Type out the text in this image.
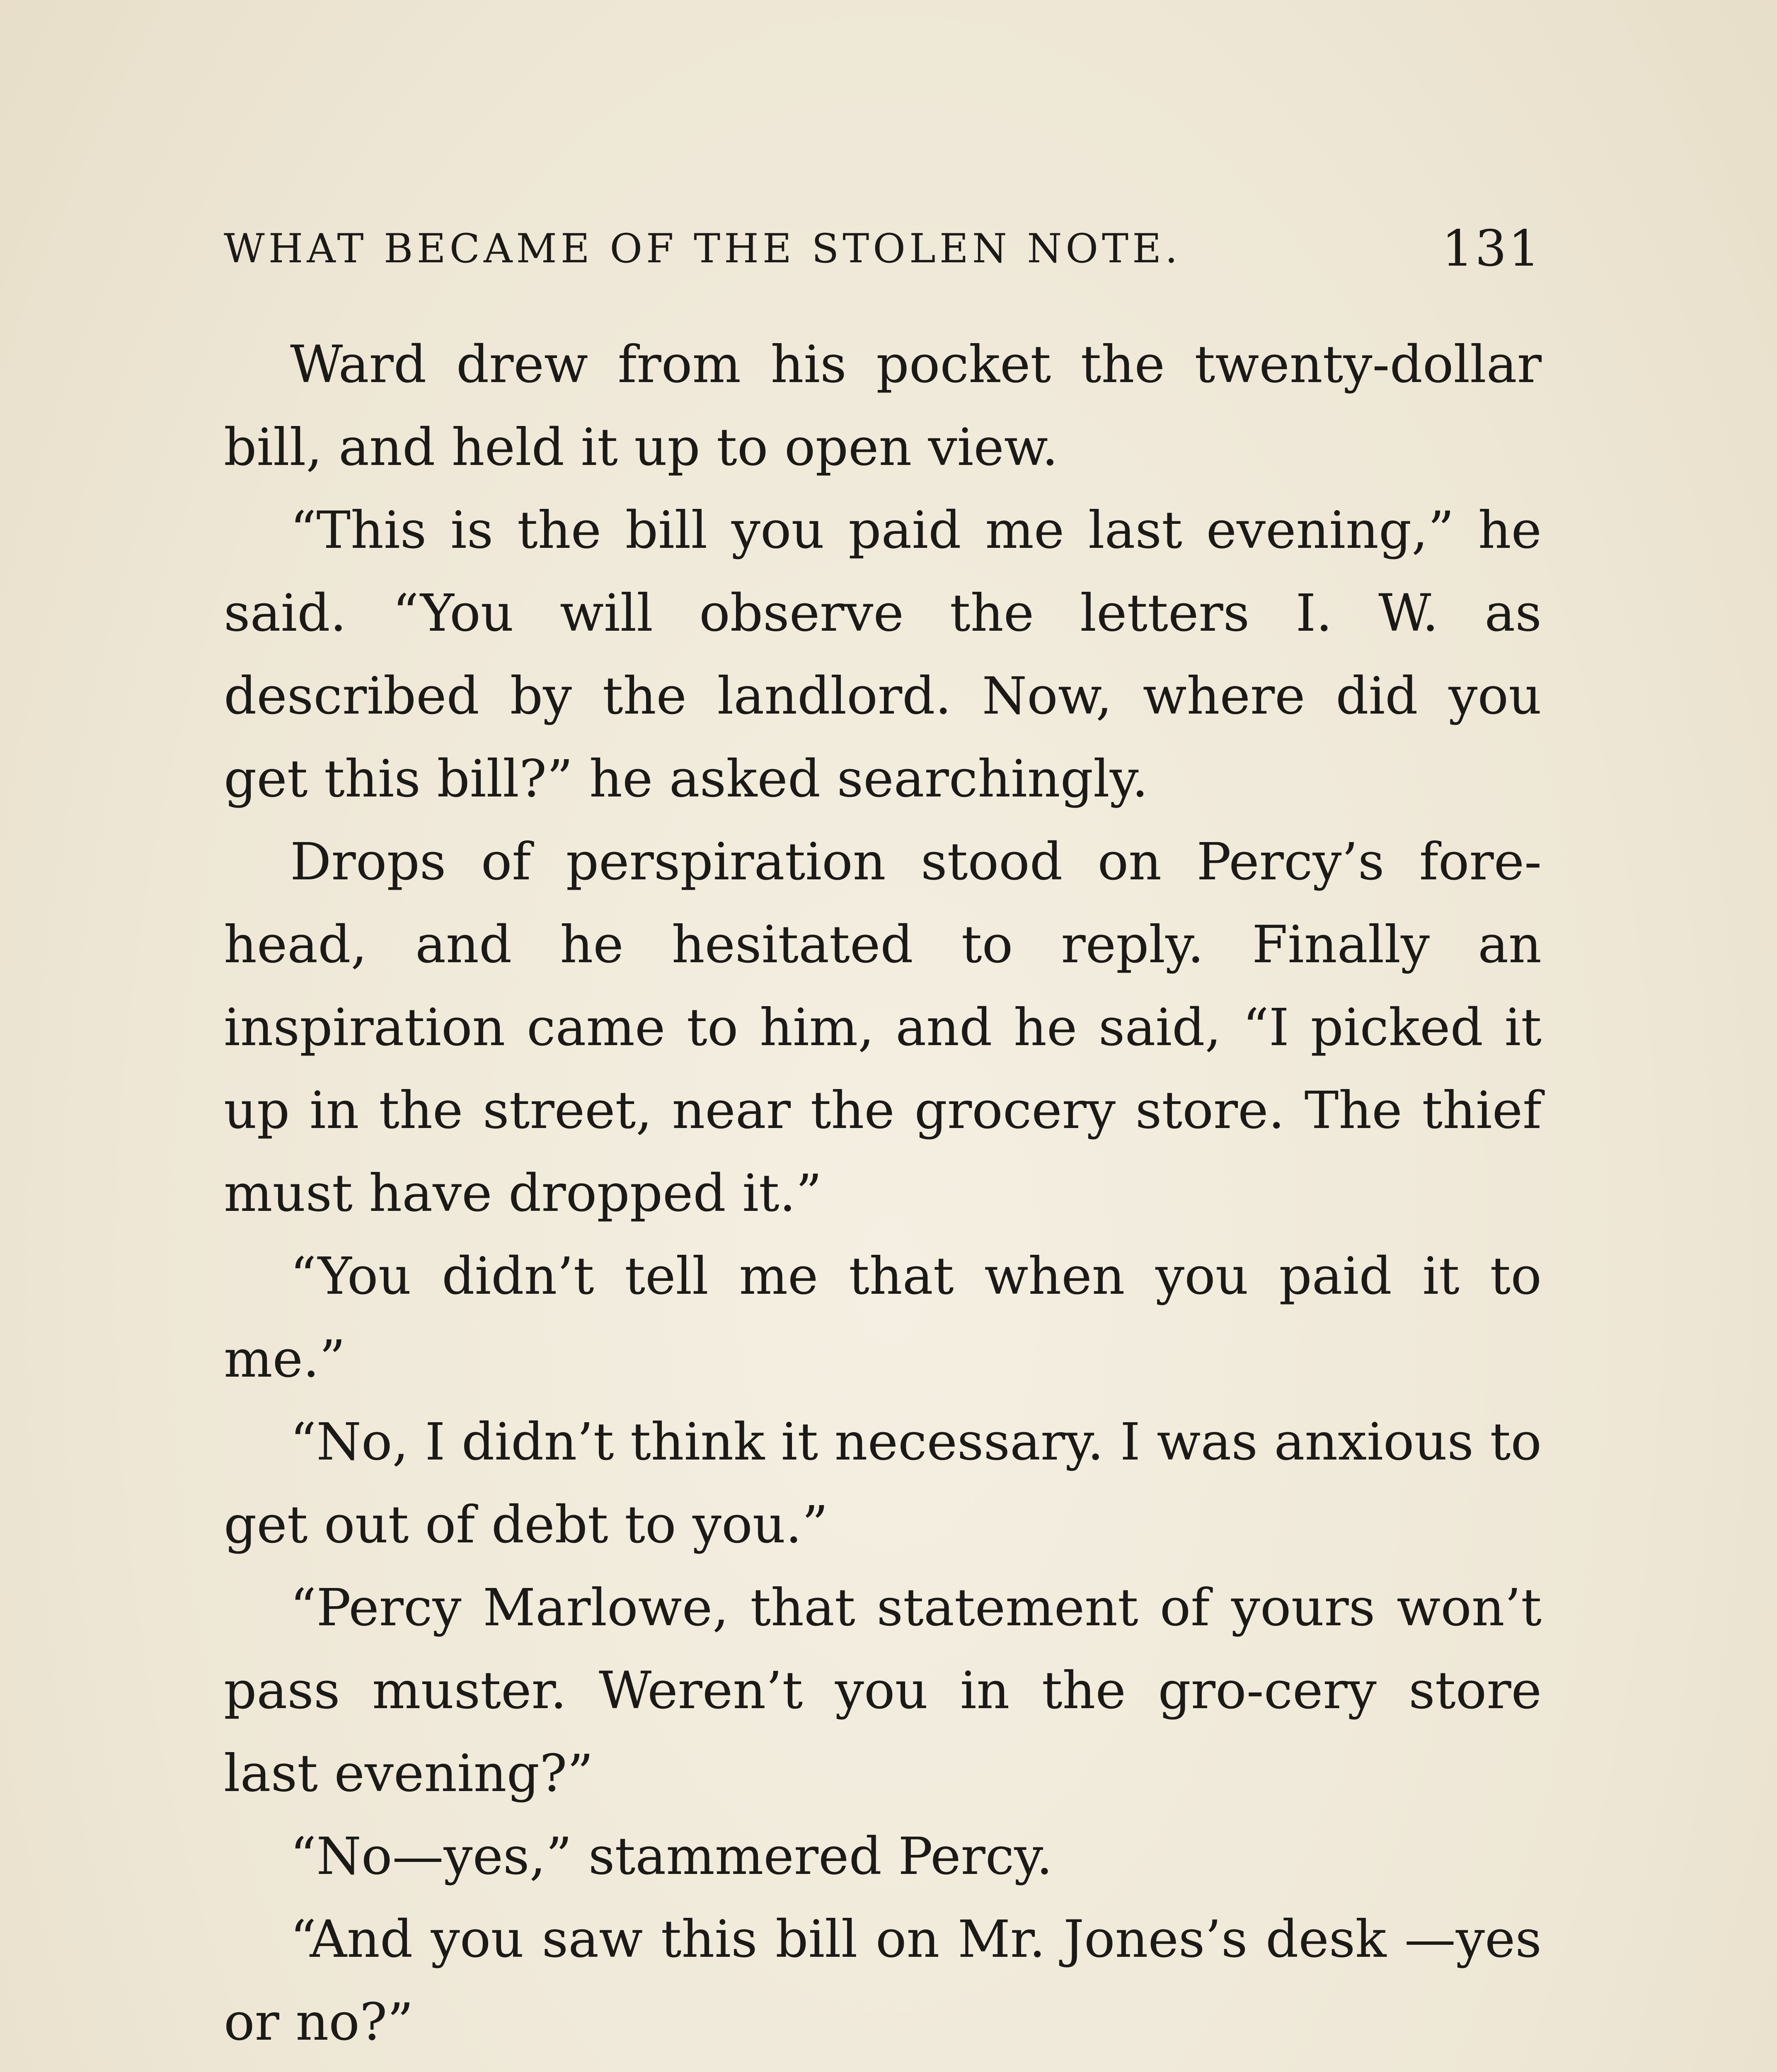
WHAT BECAME OF THE STOLEN NOTE.	131

Ward drew from his pocket the twenty-dollar bill, and held it up to open view.

“This is the bill you paid me last evening,” he said. “You will observe the letters I. W. as described by the landlord. Now, where did you get this bill?” he asked searchingly.

Drops of perspiration stood on Percy’s fore-head, and he hesitated to reply. Finally an inspiration came to him, and he said, “I picked it up in the street, near the grocery store. The thief must have dropped it.”

“You didn’t tell me that when you paid it to me.”

“No, I didn’t think it necessary. I was anxious to get out of debt to you.”

“Percy Marlowe, that statement of yours won’t pass muster. Weren’t you in the gro-cery store last evening?”

“No—yes,” stammered Percy.

“And you saw this bill on Mr. Jones’s desk —yes or no?”
